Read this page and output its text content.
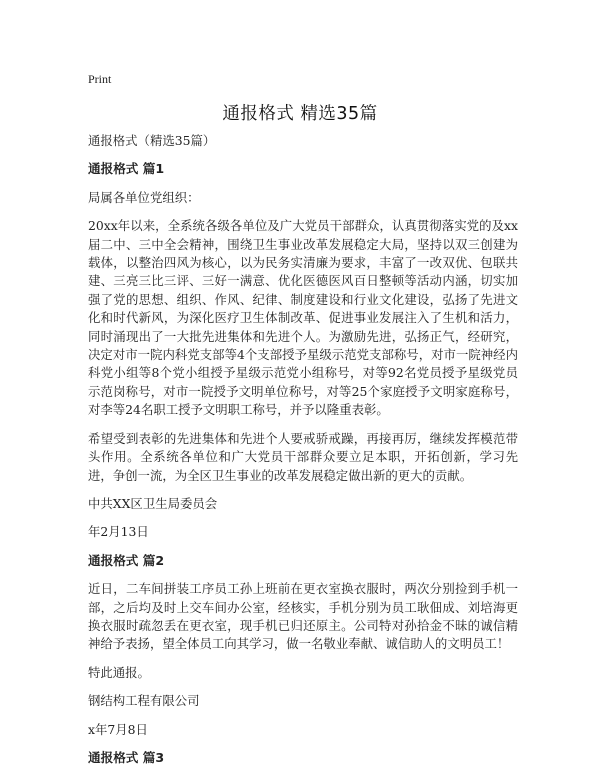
Print
通报格式 精选35篇

通报格式（精选35篇）

通报格式 篇1

局属各单位党组织：

20xx年以来，全系统各级各单位及广大党员干部群众，认真贯彻落实党的及xx届二中、三中全会精神，围绕卫生事业改革发展稳定大局，坚持以双三创建为载体，以整治四风为核心，以为民务实清廉为要求，丰富了一改双优、包联共建、三亮三比三评、三好一满意、优化医德医风百日整顿等活动内涵，切实加强了党的思想、组织、作风、纪律、制度建设和行业文化建设，弘扬了先进文化和时代新风，为深化医疗卫生体制改革、促进事业发展注入了生机和活力，同时涌现出了一大批先进集体和先进个人。为激励先进，弘扬正气，经研究，决定对市一院内科党支部等4个支部授予星级示范党支部称号，对市一院神经内科党小组等8个党小组授予星级示范党小组称号，对等92名党员授予星级党员示范岗称号，对市一院授予文明单位称号，对等25个家庭授予文明家庭称号，对李等24名职工授予文明职工称号，并予以隆重表彰。

希望受到表彰的先进集体和先进个人要戒骄戒躁，再接再厉，继续发挥模范带头作用。全系统各单位和广大党员干部群众要立足本职，开拓创新，学习先进，争创一流，为全区卫生事业的改革发展稳定做出新的更大的贡献。

中共XX区卫生局委员会

年2月13日

通报格式 篇2

近日，二车间拼装工序员工孙上班前在更衣室换衣服时，两次分别捡到手机一部，之后均及时上交车间办公室，经核实，手机分别为员工耿佃成、刘培海更换衣服时疏忽丢在更衣室，现手机已归还原主。公司特对孙拾金不昧的诚信精神给予表扬，望全体员工向其学习，做一名敬业奉献、诚信助人的文明员工！

特此通报。

钢结构工程有限公司

x年7月8日

通报格式 篇3
